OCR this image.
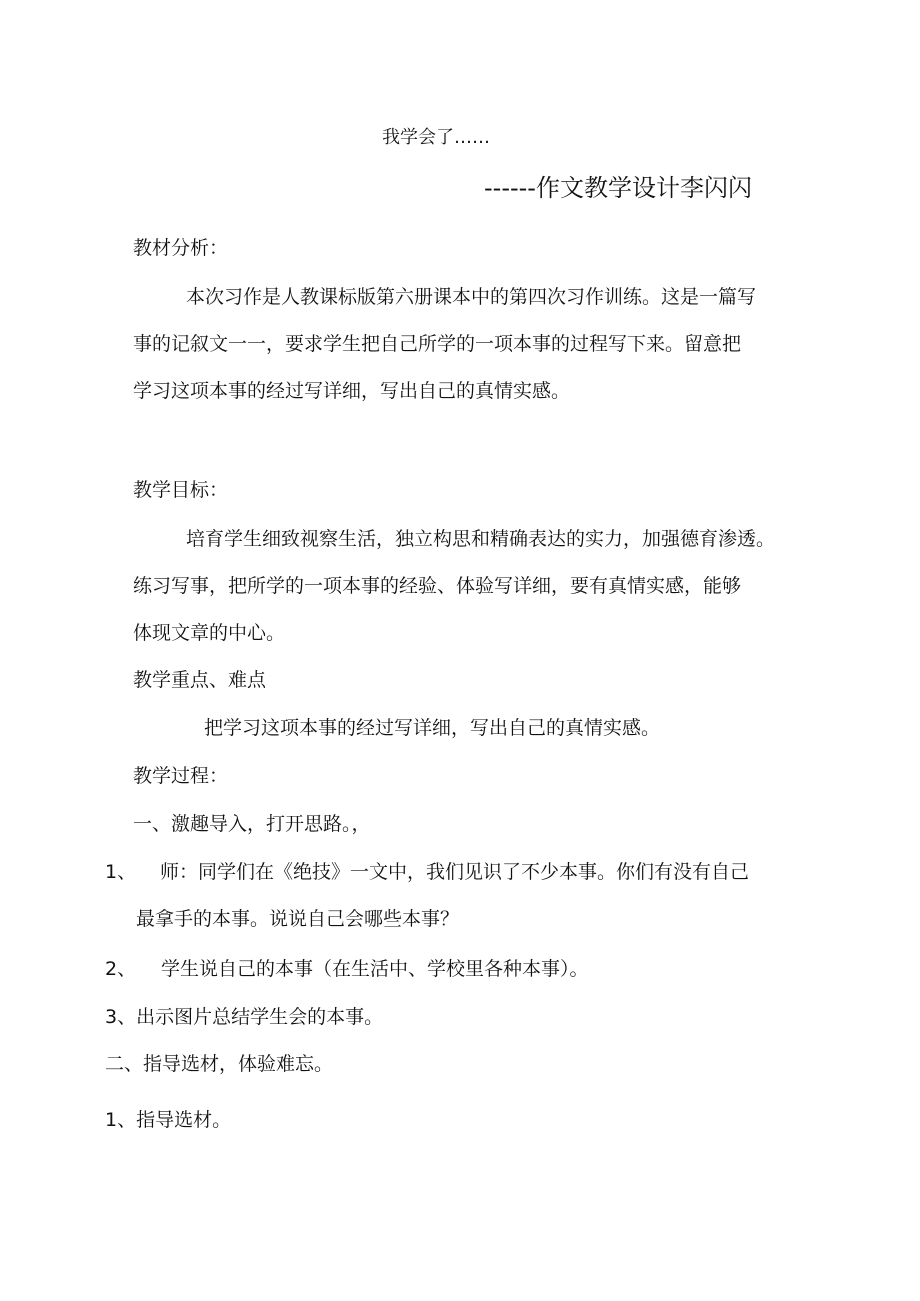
我学会了……

------作文教学设计李闪闪

教材分析：

本次习作是人教课标版第六册课本中的第四次习作训练。这是一篇写

事的记叙文一一，要求学生把自己所学的一项本事的过程写下来。留意把

学习这项本事的经过写详细，写出自己的真情实感。

教学目标：

培育学生细致视察生活，独立构思和精确表达的实力，加强德育渗透。

练习写事，把所学的一项本事的经验、体验写详细，要有真情实感，能够

体现文章的中心。

教学重点、难点

把学习这项本事的经过写详细，写出自己的真情实感。

教学过程：

一、激趣导入，打开思路。，

1、 师：同学们在《绝技》一文中，我们见识了不少本事。你们有没有自己

最拿手的本事。说说自己会哪些本事？

2、 学生说自己的本事（在生活中、学校里各种本事）。

3、出示图片总结学生会的本事。

二、指导选材，体验难忘。

1、指导选材。
